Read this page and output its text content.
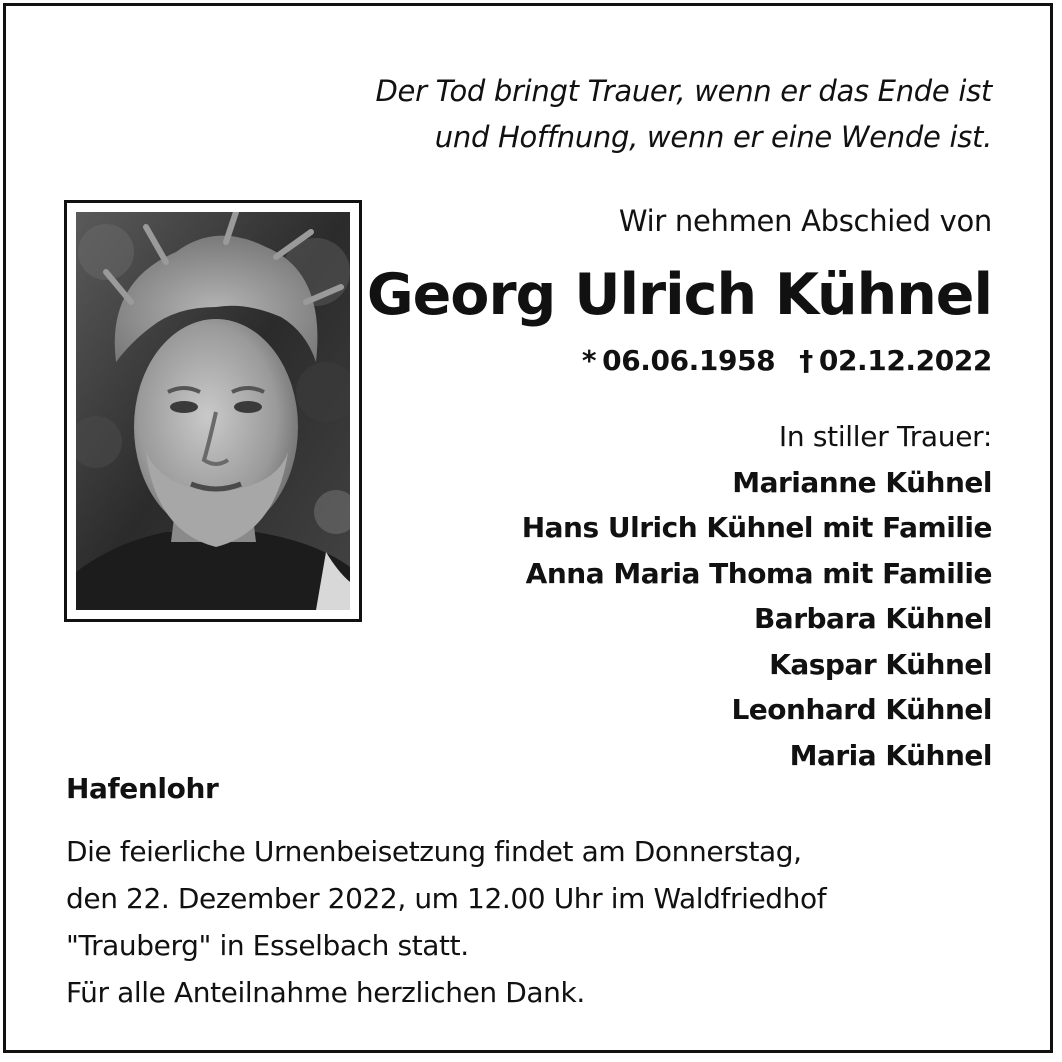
Der Tod bringt Trauer, wenn er das Ende ist
und Hoffnung, wenn er eine Wende ist.
Wir nehmen Abschied von
Georg Ulrich Kühnel
* 06.06.1958 † 02.12.2022
In stiller Trauer:
Marianne Kühnel
Hans Ulrich Kühnel mit Familie
Anna Maria Thoma mit Familie
Barbara Kühnel
Kaspar Kühnel
Leonhard Kühnel
Maria Kühnel
Hafenlohr
Die feierliche Urnenbeisetzung findet am Donnerstag,
den 22. Dezember 2022, um 12.00 Uhr im Waldfriedhof
"Trauberg" in Esselbach statt.
Für alle Anteilnahme herzlichen Dank.
